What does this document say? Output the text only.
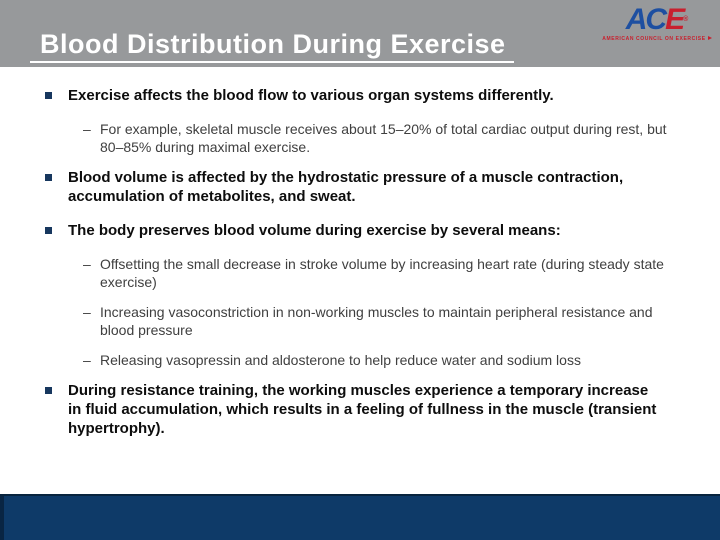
Blood Distribution During Exercise
ACE®
AMERICAN COUNCIL ON EXERCISE
Exercise affects the blood flow to various organ systems differently.
– For example, skeletal muscle receives about 15–20% of total cardiac output during rest, but 80–85% during maximal exercise.
Blood volume is affected by the hydrostatic pressure of a muscle contraction, accumulation of metabolites, and sweat.
The body preserves blood volume during exercise by several means:
– Offsetting the small decrease in stroke volume by increasing heart rate (during steady state exercise)
– Increasing vasoconstriction in non-working muscles to maintain peripheral resistance and blood pressure
– Releasing vasopressin and aldosterone to help reduce water and sodium loss
During resistance training, the working muscles experience a temporary increase in fluid accumulation, which results in a feeling of fullness in the muscle (transient hypertrophy).
